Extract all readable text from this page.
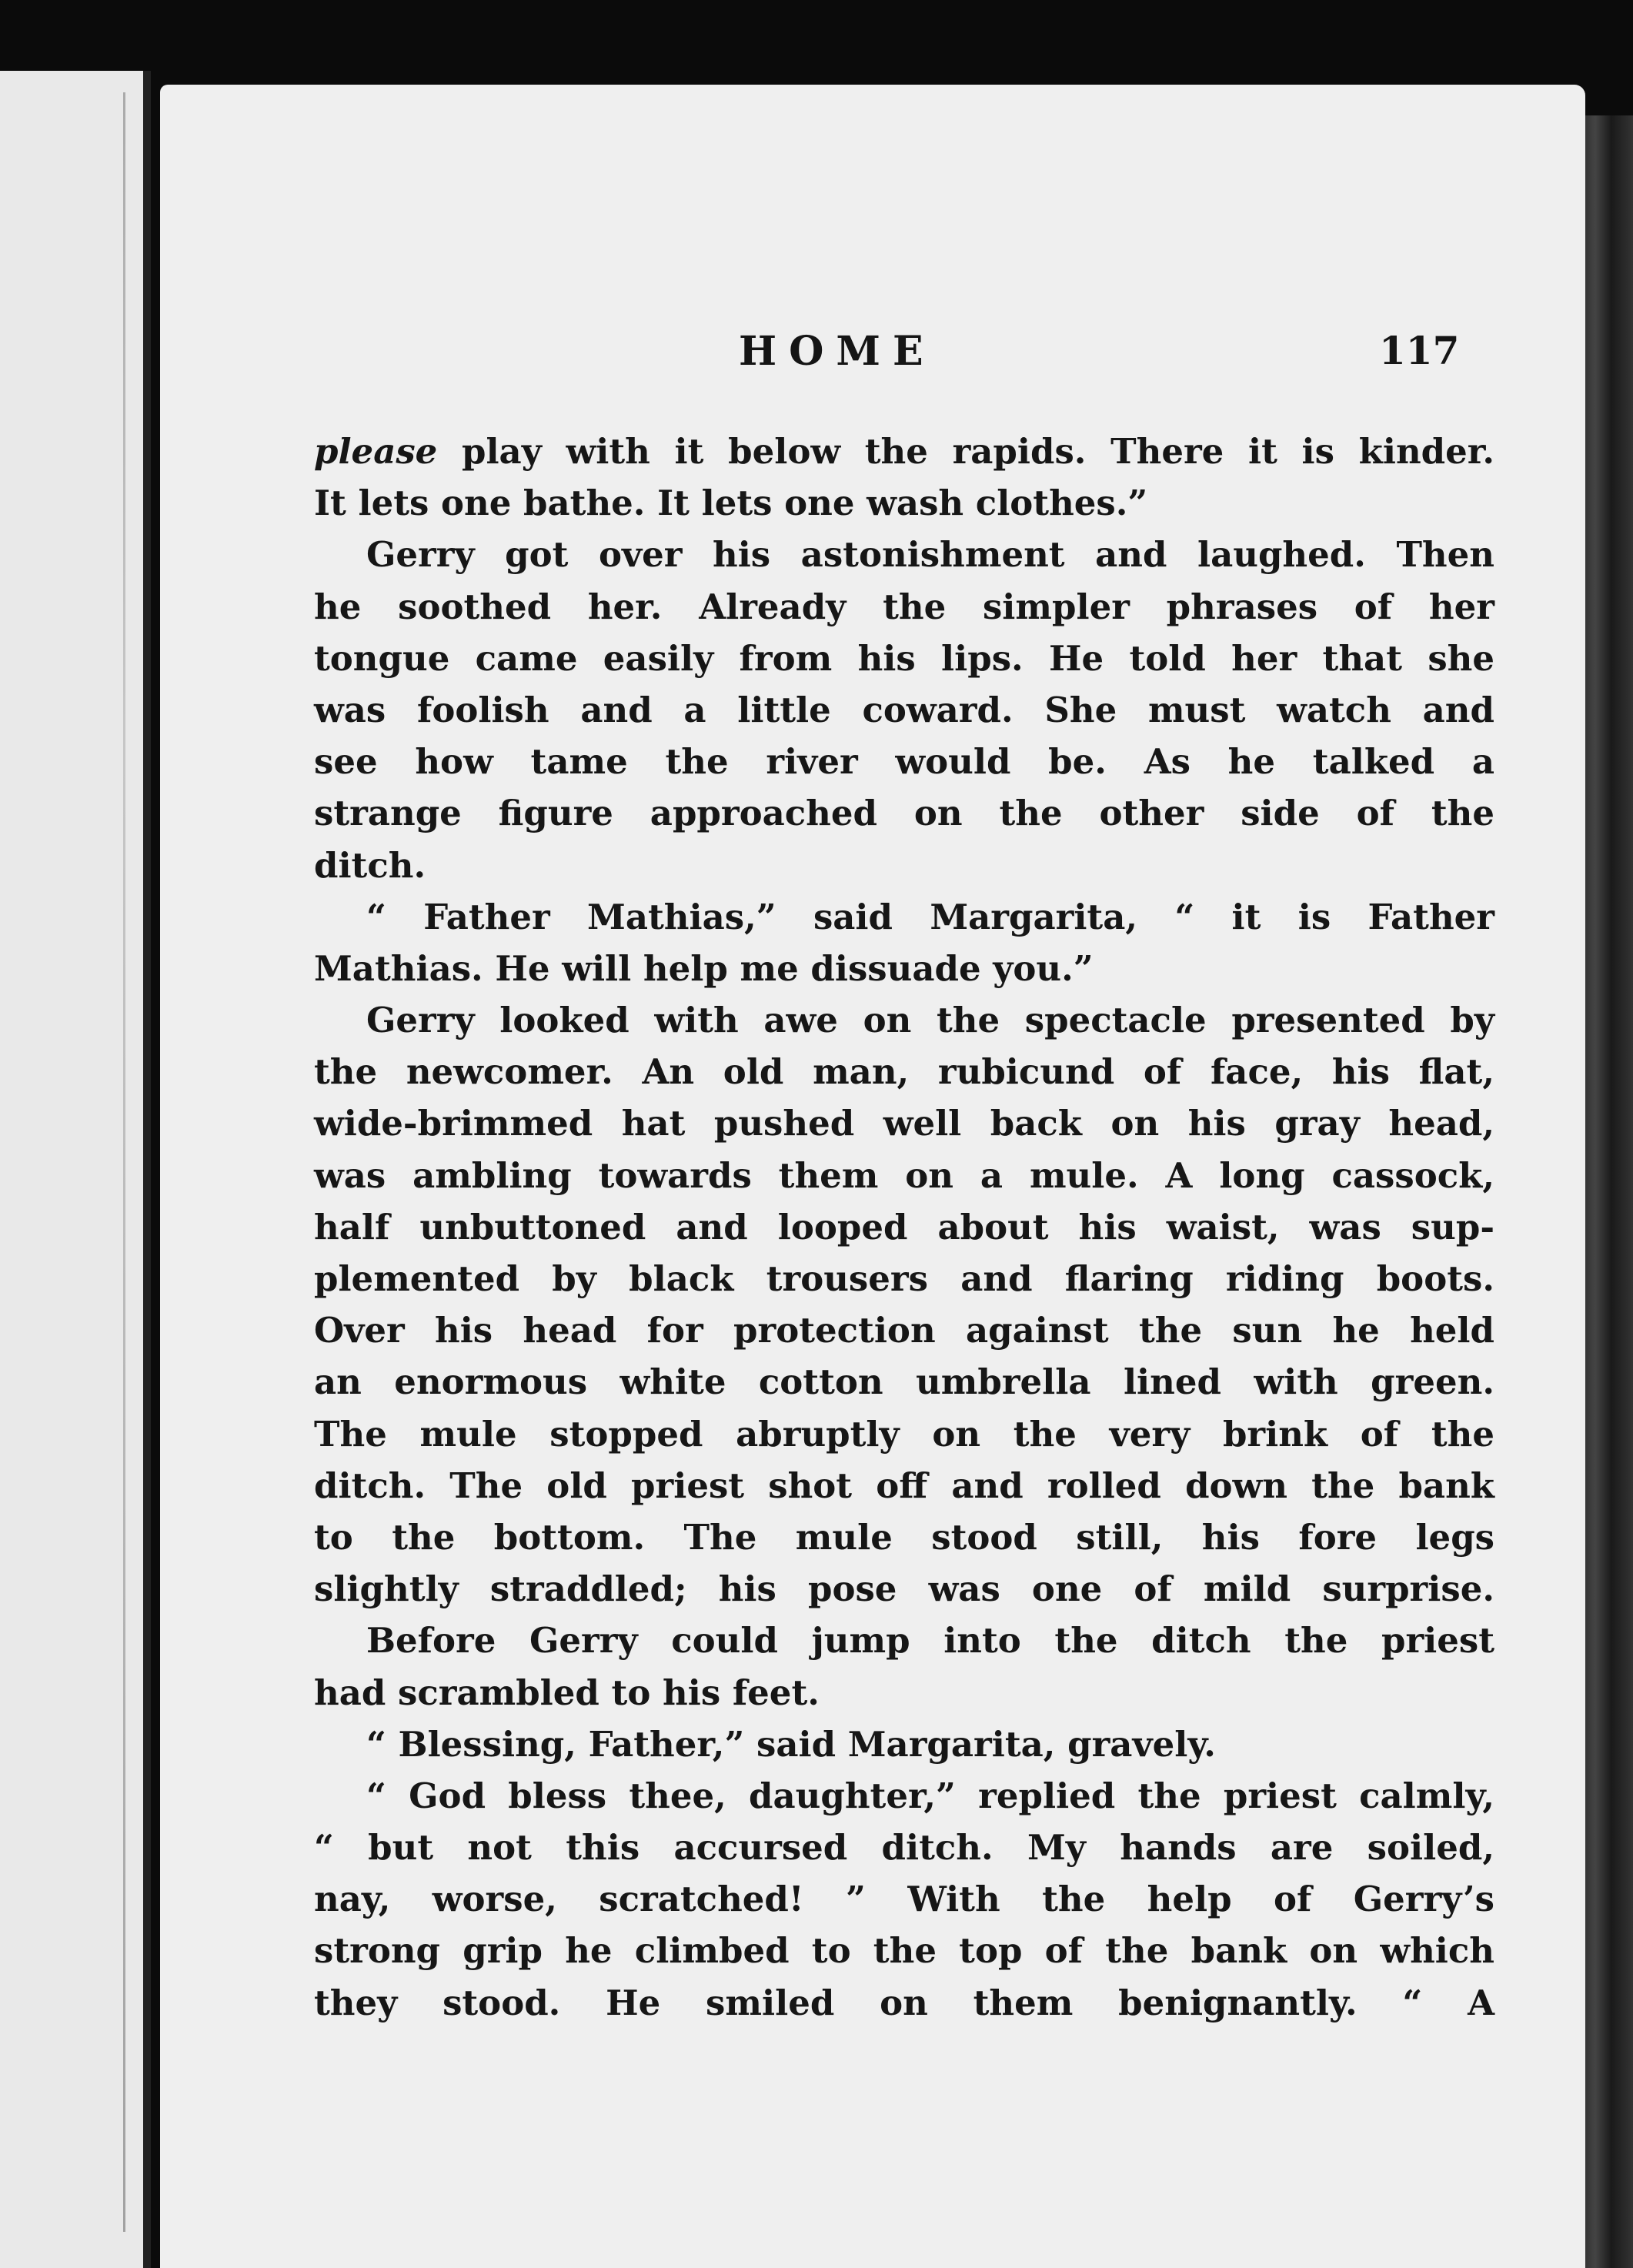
HOME	117
please play with it below the rapids. There it is kinder.
It lets one bathe. It lets one wash clothes.”
Gerry got over his astonishment and laughed. Then
he soothed her. Already the simpler phrases of her
tongue came easily from his lips. He told her that she
was foolish and a little coward. She must watch and
see how tame the river would be. As he talked a
strange figure approached on the other side of the
ditch.
“ Father Mathias,” said Margarita, “ it is Father
Mathias. He will help me dissuade you.”
Gerry looked with awe on the spectacle presented by
the newcomer. An old man, rubicund of face, his flat,
wide-brimmed hat pushed well back on his gray head,
was ambling towards them on a mule. A long cassock,
half unbuttoned and looped about his waist, was sup-
plemented by black trousers and flaring riding boots.
Over his head for protection against the sun he held
an enormous white cotton umbrella lined with green.
The mule stopped abruptly on the very brink of the
ditch. The old priest shot off and rolled down the bank
to the bottom. The mule stood still, his fore legs
slightly straddled; his pose was one of mild surprise.
Before Gerry could jump into the ditch the priest
had scrambled to his feet.
“ Blessing, Father,” said Margarita, gravely.
“ God bless thee, daughter,” replied the priest calmly,
“ but not this accursed ditch. My hands are soiled,
nay, worse, scratched! ” With the help of Gerry’s
strong grip he climbed to the top of the bank on which
they stood. He smiled on them benignantly. “ A
